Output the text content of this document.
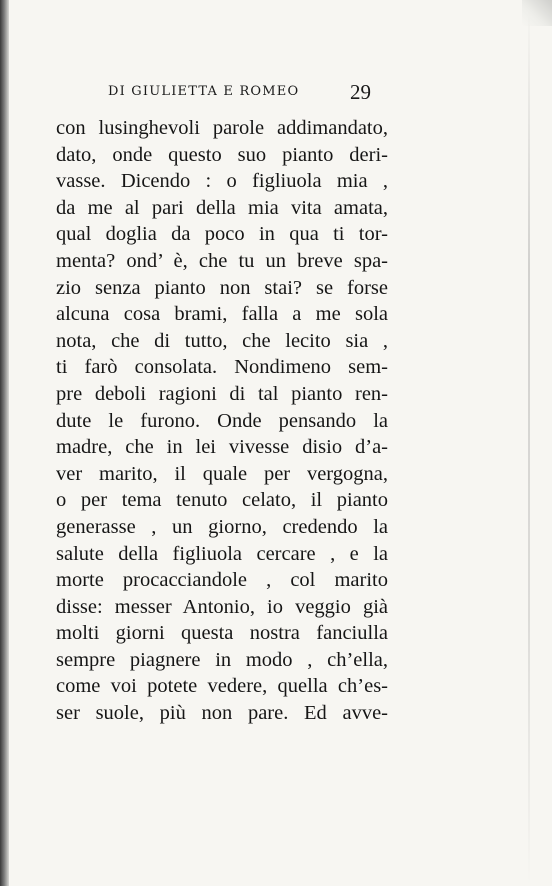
DI GIULIETTA E ROMEO 29
con lusinghevoli parole addimandato,
dato, onde questo suo pianto deri-
vasse. Dicendo : o figliuola mia ,
da me al pari della mia vita amata,
qual doglia da poco in qua ti tor-
menta? ond’ è, che tu un breve spa-
zio senza pianto non stai? se forse
alcuna cosa brami, falla a me sola
nota, che di tutto, che lecito sia ,
ti farò consolata. Nondimeno sem-
pre deboli ragioni di tal pianto ren-
dute le furono. Onde pensando la
madre, che in lei vivesse disio d’a-
ver marito, il quale per vergogna,
o per tema tenuto celato, il pianto
generasse , un giorno, credendo la
salute della figliuola cercare , e la
morte procacciandole , col marito
disse: messer Antonio, io veggio già
molti giorni questa nostra fanciulla
sempre piagnere in modo , ch’ella,
come voi potete vedere, quella ch’es-
ser suole, più non pare. Ed avve-
